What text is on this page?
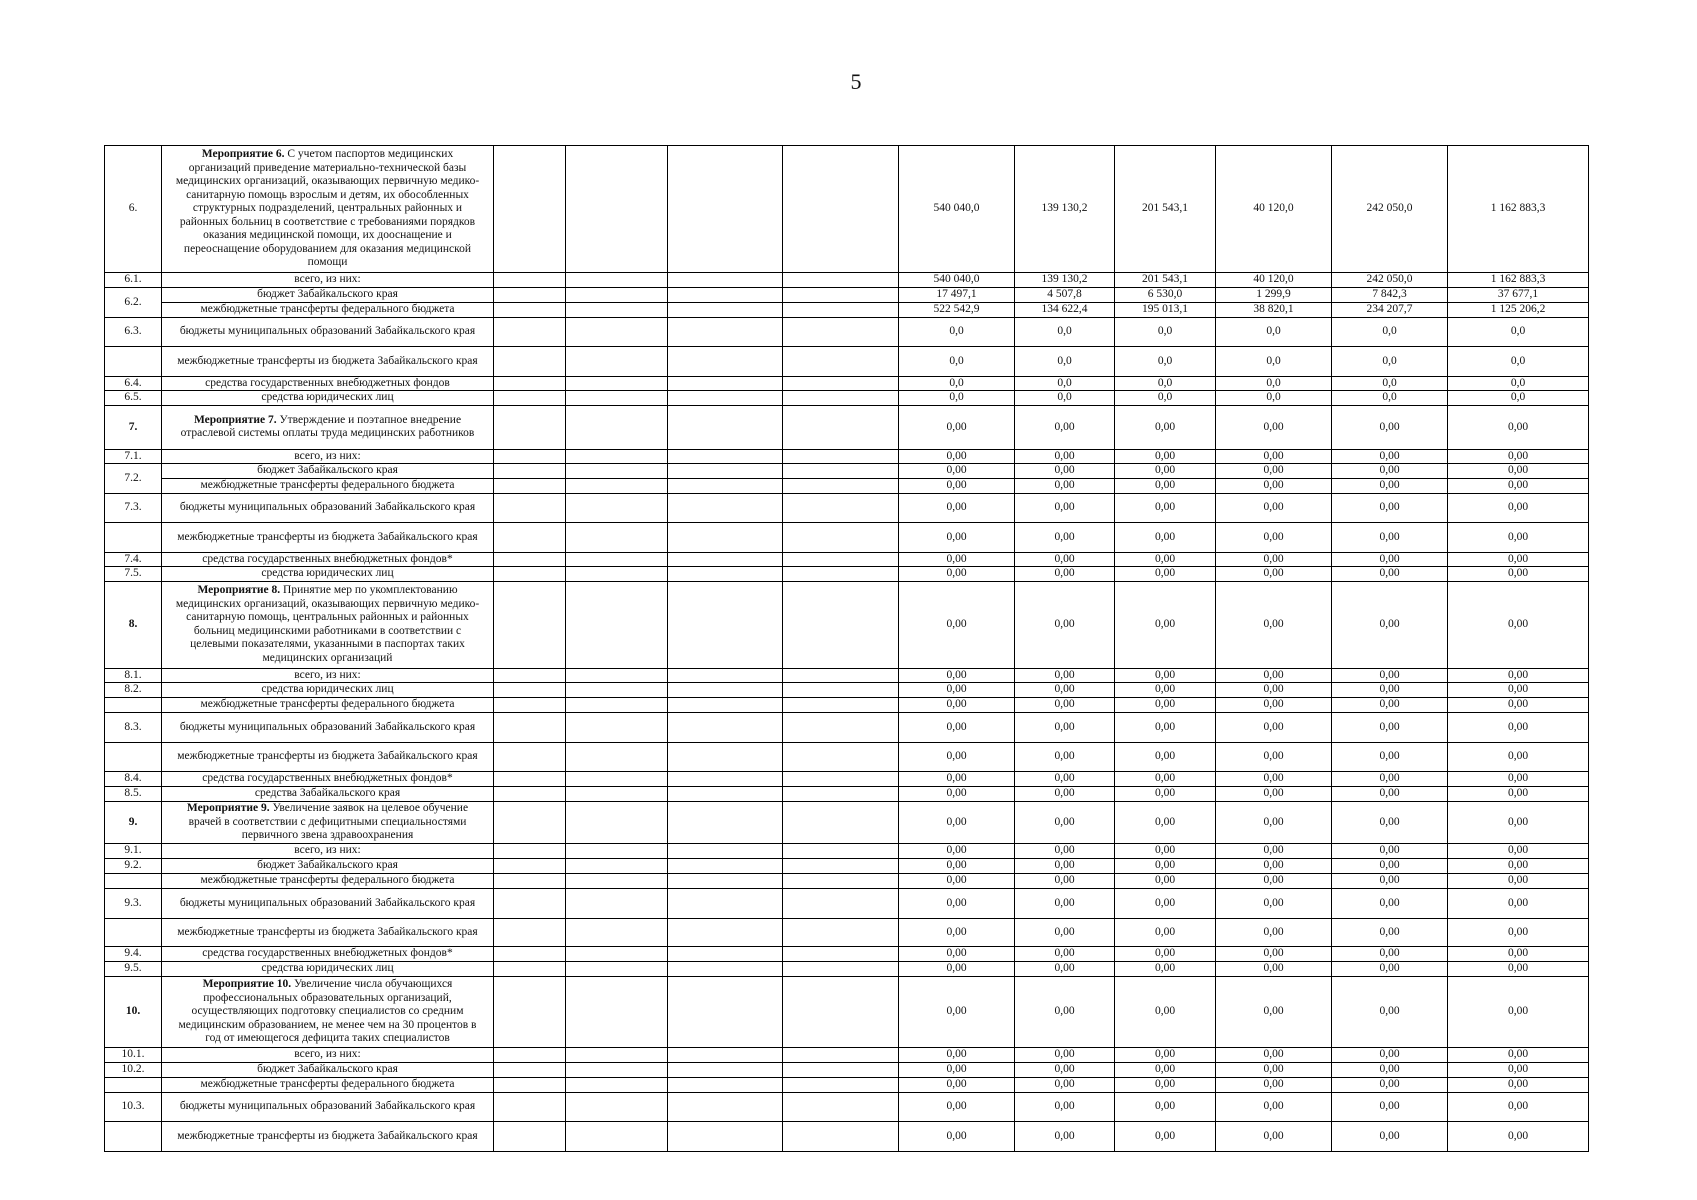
5
6.	Мероприятие 6. С учетом паспортов медицинских организаций приведение материально-технической базы медицинских организаций, оказывающих первичную медико-санитарную помощь взрослым и детям, их обособленных структурных подразделений, центральных районных и районных больниц в соответствие с требованиями порядков оказания медицинской помощи, их дооснащение и переоснащение оборудованием для оказания медицинской помощи					540 040,0	139 130,2	201 543,1	40 120,0	242 050,0	1 162 883,3
6.1.	всего, из них:					540 040,0	139 130,2	201 543,1	40 120,0	242 050,0	1 162 883,3
6.2.	бюджет Забайкальского края					17 497,1	4 507,8	6 530,0	1 299,9	7 842,3	37 677,1
	межбюджетные трансферты федерального бюджета					522 542,9	134 622,4	195 013,1	38 820,1	234 207,7	1 125 206,2
6.3.	бюджеты муниципальных образований Забайкальского края					0,0	0,0	0,0	0,0	0,0	0,0
	межбюджетные трансферты из бюджета Забайкальского края					0,0	0,0	0,0	0,0	0,0	0,0
6.4.	средства государственных внебюджетных фондов					0,0	0,0	0,0	0,0	0,0	0,0
6.5.	средства юридических лиц					0,0	0,0	0,0	0,0	0,0	0,0
7.	Мероприятие 7. Утверждение и поэтапное внедрение отраслевой системы оплаты труда медицинских работников					0,00	0,00	0,00	0,00	0,00	0,00
7.1.	всего, из них:					0,00	0,00	0,00	0,00	0,00	0,00
7.2.	бюджет Забайкальского края					0,00	0,00	0,00	0,00	0,00	0,00
	межбюджетные трансферты федерального бюджета					0,00	0,00	0,00	0,00	0,00	0,00
7.3.	бюджеты муниципальных образований Забайкальского края					0,00	0,00	0,00	0,00	0,00	0,00
	межбюджетные трансферты из бюджета Забайкальского края					0,00	0,00	0,00	0,00	0,00	0,00
7.4.	средства государственных внебюджетных фондов*					0,00	0,00	0,00	0,00	0,00	0,00
7.5.	средства юридических лиц					0,00	0,00	0,00	0,00	0,00	0,00
8.	Мероприятие 8. Принятие мер по укомплектованию медицинских организаций, оказывающих первичную медико-санитарную помощь, центральных районных и районных больниц медицинскими работниками в соответствии с целевыми показателями, указанными в паспортах таких медицинских организаций					0,00	0,00	0,00	0,00	0,00	0,00
8.1.	всего, из них:					0,00	0,00	0,00	0,00	0,00	0,00
8.2.	средства юридических лиц					0,00	0,00	0,00	0,00	0,00	0,00
	межбюджетные трансферты федерального бюджета					0,00	0,00	0,00	0,00	0,00	0,00
8.3.	бюджеты муниципальных образований Забайкальского края					0,00	0,00	0,00	0,00	0,00	0,00
	межбюджетные трансферты из бюджета Забайкальского края					0,00	0,00	0,00	0,00	0,00	0,00
8.4.	средства государственных внебюджетных фондов*					0,00	0,00	0,00	0,00	0,00	0,00
8.5.	средства Забайкальского края					0,00	0,00	0,00	0,00	0,00	0,00
9.	Мероприятие 9. Увеличение заявок на целевое обучение врачей в соответствии с дефицитными специальностями первичного звена здравоохранения					0,00	0,00	0,00	0,00	0,00	0,00
9.1.	всего, из них:					0,00	0,00	0,00	0,00	0,00	0,00
9.2.	бюджет Забайкальского края					0,00	0,00	0,00	0,00	0,00	0,00
	межбюджетные трансферты федерального бюджета					0,00	0,00	0,00	0,00	0,00	0,00
9.3.	бюджеты муниципальных образований Забайкальского края					0,00	0,00	0,00	0,00	0,00	0,00
	межбюджетные трансферты из бюджета Забайкальского края					0,00	0,00	0,00	0,00	0,00	0,00
9.4.	средства государственных внебюджетных фондов*					0,00	0,00	0,00	0,00	0,00	0,00
9.5.	средства юридических лиц					0,00	0,00	0,00	0,00	0,00	0,00
10.	Мероприятие 10. Увеличение числа обучающихся профессиональных образовательных организаций, осуществляющих подготовку специалистов со средним медицинским образованием, не менее чем на 30 процентов в год от имеющегося дефицита таких специалистов					0,00	0,00	0,00	0,00	0,00	0,00
10.1.	всего, из них:					0,00	0,00	0,00	0,00	0,00	0,00
10.2.	бюджет Забайкальского края					0,00	0,00	0,00	0,00	0,00	0,00
	межбюджетные трансферты федерального бюджета					0,00	0,00	0,00	0,00	0,00	0,00
10.3.	бюджеты муниципальных образований Забайкальского края					0,00	0,00	0,00	0,00	0,00	0,00
	межбюджетные трансферты из бюджета Забайкальского края					0,00	0,00	0,00	0,00	0,00	0,00
